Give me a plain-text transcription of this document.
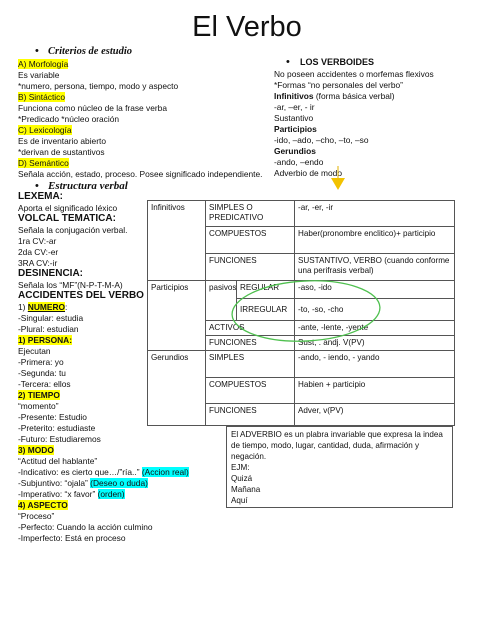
El Verbo
• Criterios de estudio
A) Morfología
Es variable
*numero, persona, tiempo, modo y aspecto
B) Sintáctico
Funciona como núcleo de la frase verba
*Predicado *núcleo oración
C) Lexicología
Es de inventario abierto
*derivan de sustantivos
D) Semántico
Señala acción, estado, proceso. Posee significado independiente.
• LOS VERBOIDES
No poseen accidentes o morfemas flexivos
*Formas “no personales del verbo”
Infinitivos (forma básica verbal)
-ar, –er, - ir
Sustantivo
Participios
-ido, –ado, –cho, –to, –so
Gerundios
-ando, –endo
Adverbio de modo
• Estructura verbal
LEXEMA:
Aporta el significado léxico
VOLCAL TEMATICA:
Señala la conjugación verbal.
1ra CV:-ar
2da CV:-er
3RA CV:-ir
DESINENCIA:
Señala los “MF”(N-P-T-M-A)
ACCIDENTES DEL VERBO
1) NUMERO:
-Singular: estudia
-Plural: estudian
1) PERSONA:
Ejecutan
-Primera: yo
-Segunda: tu
-Tercera: ellos
2) TIEMPO
“momento”
-Presente: Estudio
-Preterito: estudiaste
-Futuro: Estudiaremos
3) MODO
“Actitud del hablante”
-Indicativo: es cierto que…/”ría..” (Accion real)
-Subjuntivo: “ojala” (Deseo o duda)
-Imperativo: “x favor” (orden)
4) ASPECTO
“Proceso”
-Perfecto: Cuando la acción culmino
-Imperfecto: Está en proceso
Infinitivos	SIMPLES O PREDICATIVO		-ar, -er, -ir
	COMPUESTOS		Haber(pronombre enclitico)+ participio
	FUNCIONES		SUSTANTIVO, VERBO (cuando conforme una perifrasis verbal)
Participios	pasivos	REGULAR	-aso, -ido
		IRREGULAR	-to, -so, -cho
	ACTIVOS		-ante, -lente, -yente
	FUNCIONES		Sust, . andj. V(PV)
Gerundios	SIMPLES		-ando, - iendo, - yando
	COMPUESTOS		Habien + participio
	FUNCIONES		Adver, v(PV)
El ADVERBIO es un plabra invariable que expresa la indea
de tiempo, modo, lugar, cantidad, duda, afirmación y
negación.
EJM:
Quizá
Mañana
Aquí
